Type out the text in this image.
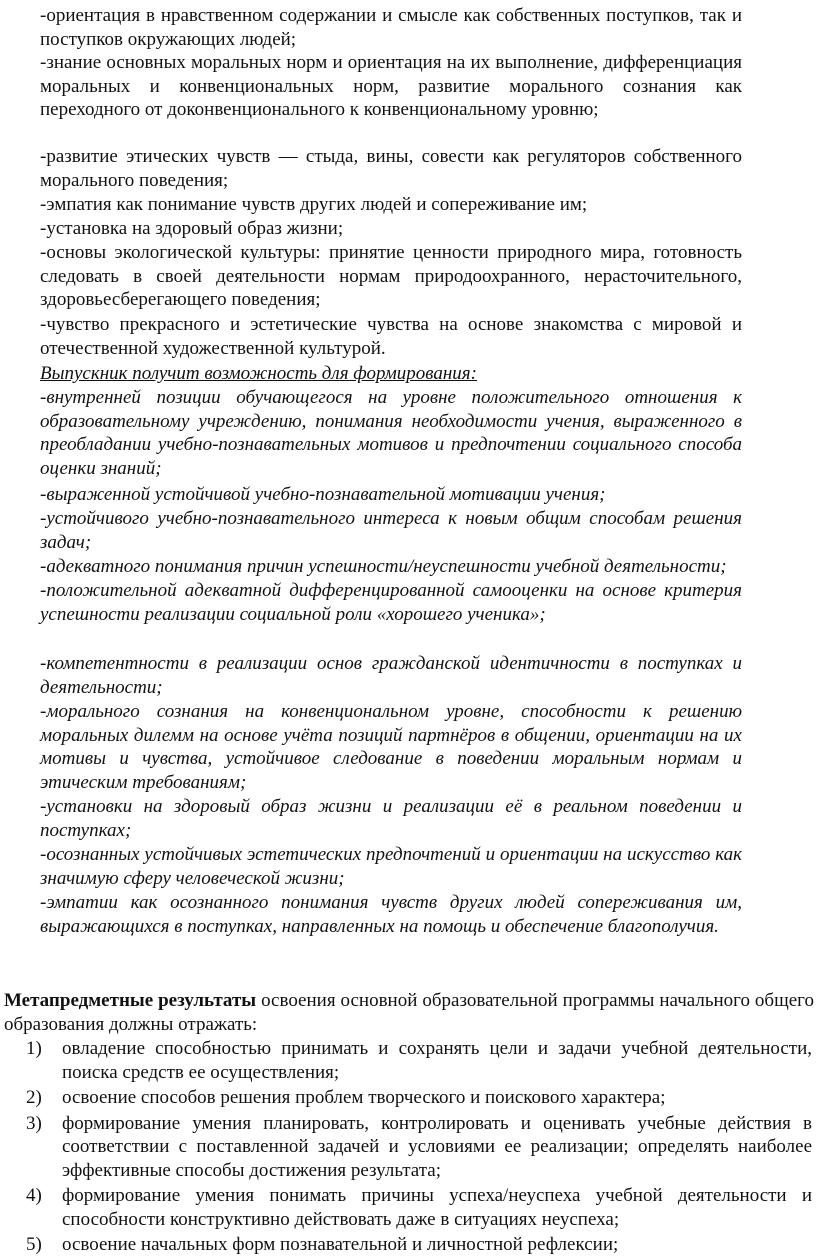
-ориентация в нравственном содержании и смысле как собственных поступков, так и поступков окружающих людей;
-знание основных моральных норм и ориентация на их выполнение, дифференциация моральных и конвенциональных норм, развитие морального сознания как переходного от доконвенционального к конвенциональному уровню;
-развитие этических чувств — стыда, вины, совести как регуляторов собственного морального поведения;
-эмпатия как понимание чувств других людей и сопереживание им;
-установка на здоровый образ жизни;
-основы экологической культуры: принятие ценности природного мира, готовность следовать в своей деятельности нормам природоохранного, нерасточительного, здоровьесберегающего поведения;
-чувство прекрасного и эстетические чувства на основе знакомства с мировой и отечественной художественной культурой.
Выпускник получит возможность для формирования:
-внутренней позиции обучающегося на уровне положительного отношения к образовательному учреждению, понимания необходимости учения, выраженного в преобладании учебно-познавательных мотивов и предпочтении социального способа оценки знаний;
-выраженной устойчивой учебно-познавательной мотивации учения;
-устойчивого учебно-познавательного интереса к новым общим способам решения задач;
-адекватного понимания причин успешности/неуспешности учебной деятельности;
-положительной адекватной дифференцированной самооценки на основе критерия успешности реализации социальной роли «хорошего ученика»;
-компетентности в реализации основ гражданской идентичности в поступках и деятельности;
-морального сознания на конвенциональном уровне, способности к решению моральных дилемм на основе учёта позиций партнёров в общении, ориентации на их мотивы и чувства, устойчивое следование в поведении моральным нормам и этическим требованиям;
-установки на здоровый образ жизни и реализации её в реальном поведении и поступках;
-осознанных устойчивых эстетических предпочтений и ориентации на искусство как значимую сферу человеческой жизни;
-эмпатии как осознанного понимания чувств других людей сопереживания им, выражающихся в поступках, направленных на помощь и обеспечение благополучия.
Метапредметные результаты освоения основной образовательной программы начального общего образования должны отражать:
1) овладение способностью принимать и сохранять цели и задачи учебной деятельности, поиска средств ее осуществления;
2) освоение способов решения проблем творческого и поискового характера;
3) формирование умения планировать, контролировать и оценивать учебные действия в соответствии с поставленной задачей и условиями ее реализации; определять наиболее эффективные способы достижения результата;
4) формирование умения понимать причины успеха/неуспеха учебной деятельности и способности конструктивно действовать даже в ситуациях неуспеха;
5) освоение начальных форм познавательной и личностной рефлексии;
